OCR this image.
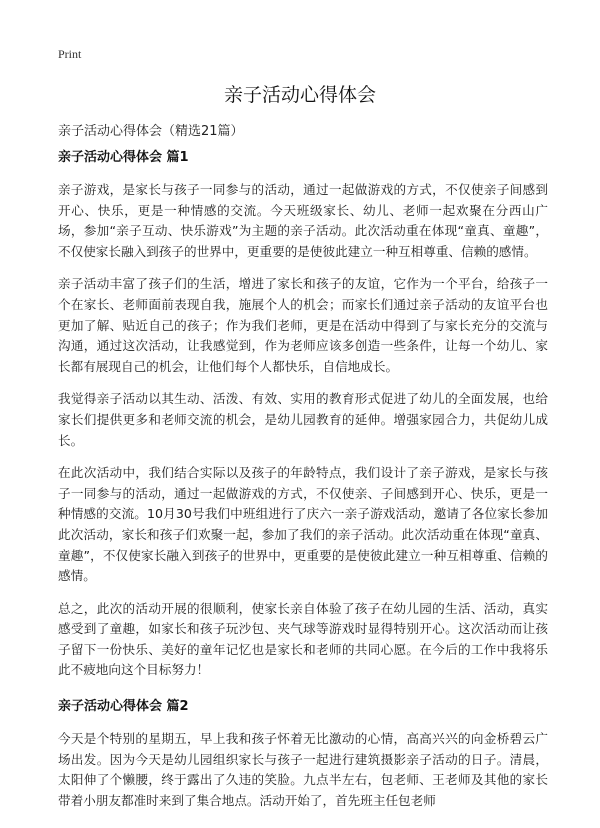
Print
亲子活动心得体会
亲子活动心得体会（精选21篇）
亲子活动心得体会 篇1

亲子游戏，是家长与孩子一同参与的活动，通过一起做游戏的方式，不仅使亲子间感到开心、快乐，更是一种情感的交流。今天班级家长、幼儿、老师一起欢聚在分西山广场，参加“亲子互动、快乐游戏”为主题的亲子活动。此次活动重在体现“童真、童趣”，不仅使家长融入到孩子的世界中，更重要的是使彼此建立一种互相尊重、信赖的感情。

亲子活动丰富了孩子们的生活，增进了家长和孩子的友谊，它作为一个平台，给孩子一个在家长、老师面前表现自我，施展个人的机会；而家长们通过亲子活动的友谊平台也更加了解、贴近自己的孩子；作为我们老师，更是在活动中得到了与家长充分的交流与沟通，通过这次活动，让我感觉到，作为老师应该多创造一些条件，让每一个幼儿、家长都有展现自己的机会，让他们每个人都快乐，自信地成长。

我觉得亲子活动以其生动、活泼、有效、实用的教育形式促进了幼儿的全面发展，也给家长们提供更多和老师交流的机会，是幼儿园教育的延伸。增强家园合力，共促幼儿成长。

在此次活动中，我们结合实际以及孩子的年龄特点，我们设计了亲子游戏，是家长与孩子一同参与的活动，通过一起做游戏的方式，不仅使亲、子间感到开心、快乐，更是一种情感的交流。10月30号我们中班组进行了庆六一亲子游戏活动，邀请了各位家长参加此次活动，家长和孩子们欢聚一起，参加了我们的亲子活动。此次活动重在体现“童真、童趣”，不仅使家长融入到孩子的世界中，更重要的是使彼此建立一种互相尊重、信赖的感情。

总之，此次的活动开展的很顺利，使家长亲自体验了孩子在幼儿园的生活、活动，真实感受到了童趣，如家长和孩子玩沙包、夹气球等游戏时显得特别开心。这次活动而让孩子留下一份快乐、美好的童年记忆也是家长和老师的共同心愿。在今后的工作中我将乐此不疲地向这个目标努力！

亲子活动心得体会 篇2

今天是个特别的星期五，早上我和孩子怀着无比激动的心情，高高兴兴的向金桥碧云广场出发。因为今天是幼儿园组织家长与孩子一起进行建筑摄影亲子活动的日子。清晨，太阳伸了个懒腰，终于露出了久违的笑脸。九点半左右，包老师、王老师及其他的家长带着小朋友都准时来到了集合地点。活动开始了，首先班主任包老师
